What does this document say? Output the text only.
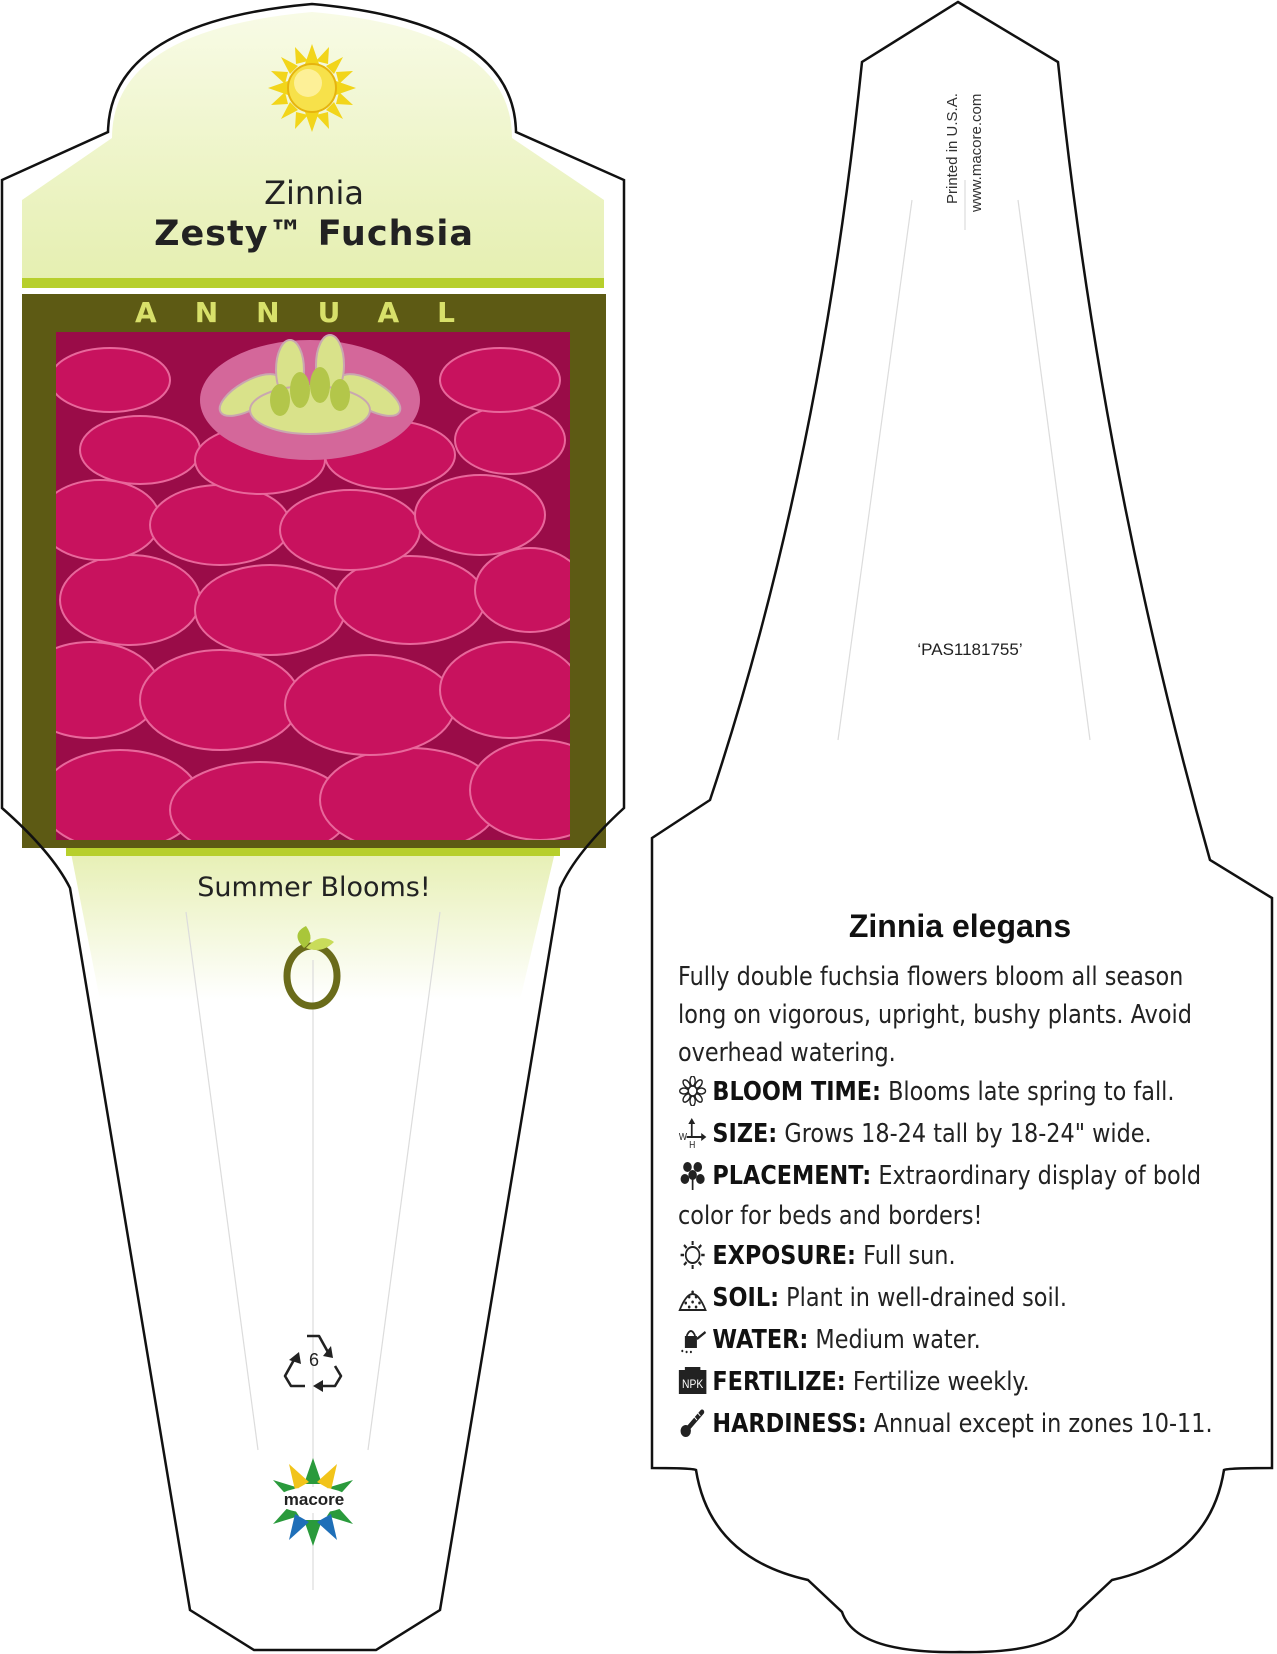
Zinnia
Zesty™ Fuchsia
ANNUAL
Summer Blooms!
6
macore
Printed in U.S.A. www.macore.com
‘PAS1181755’
Zinnia elegans
Fully double fuchsia flowers bloom all season long on vigorous, upright, bushy plants. Avoid overhead watering.
BLOOM TIME: Blooms late spring to fall.
W
H SIZE: Grows 18-24 tall by 18-24" wide.
PLACEMENT: Extraordinary display of bold color for beds and borders!
EXPOSURE: Full sun.
SOIL: Plant in well-drained soil.
WATER: Medium water.
NPK FERTILIZE: Fertilize weekly.
HARDINESS: Annual except in zones 10-11.
